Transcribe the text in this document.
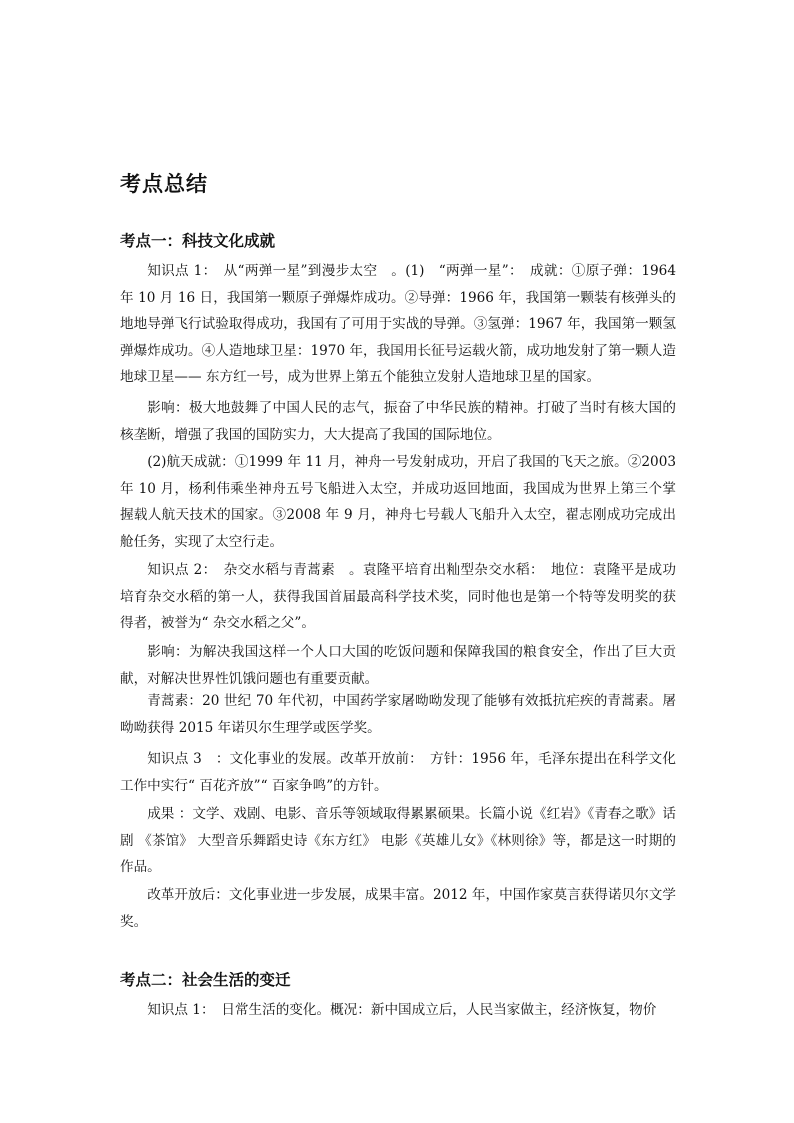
考点总结
考点一：科技文化成就

知识点 1：　从“两弹一星”到漫步太空　。(1)　“两弹一星”：　成就：①原子弹：1964 年 10 月 16 日，我国第一颗原子弹爆炸成功。②导弹：1966 年，我国第一颗装有核弹头的地地导弹飞行试验取得成功，我国有了可用于实战的导弹。③氢弹：1967 年，我国第一颗氢弹爆炸成功。④人造地球卫星：1970 年，我国用长征号运载火箭，成功地发射了第一颗人造地球卫星—— 东方红一号，成为世界上第五个能独立发射人造地球卫星的国家。

影响：极大地鼓舞了中国人民的志气，振奋了中华民族的精神。打破了当时有核大国的核垄断，增强了我国的国防实力，大大提高了我国的国际地位。

(2)航天成就：①1999 年 11 月，神舟一号发射成功，开启了我国的飞天之旅。②2003 年 10 月，杨利伟乘坐神舟五号飞船进入太空，并成功返回地面，我国成为世界上第三个掌握载人航天技术的国家。③2008 年 9 月，神舟七号载人飞船升入太空，翟志刚成功完成出舱任务，实现了太空行走。

知识点 2：　杂交水稻与青蒿素　。袁隆平培育出籼型杂交水稻：　地位：袁隆平是成功培育杂交水稻的第一人，获得我国首届最高科学技术奖，同时他也是第一个特等发明奖的获得者，被誉为“ 杂交水稻之父”。

影响：为解决我国这样一个人口大国的吃饭问题和保障我国的粮食安全，作出了巨大贡献，对解决世界性饥饿问题也有重要贡献。

青蒿素：20 世纪 70 年代初，中国药学家屠呦呦发现了能够有效抵抗疟疾的青蒿素。屠呦呦获得 2015 年诺贝尔生理学或医学奖。

知识点 3　：文化事业的发展。改革开放前：　方针：1956 年，毛泽东提出在科学文化工作中实行“ 百花齐放”“ 百家争鸣”的方针。

成果 ：文学、戏剧、电影、音乐等领域取得累累硕果。长篇小说《红岩》《青春之歌》话剧 《茶馆》 大型音乐舞蹈史诗《东方红》 电影《英雄儿女》《林则徐》等，都是这一时期的作品。

改革开放后：文化事业进一步发展，成果丰富。2012 年，中国作家莫言获得诺贝尔文学奖。

考点二：社会生活的变迁

知识点 1：　日常生活的变化。概况：新中国成立后，人民当家做主，经济恢复，物价
